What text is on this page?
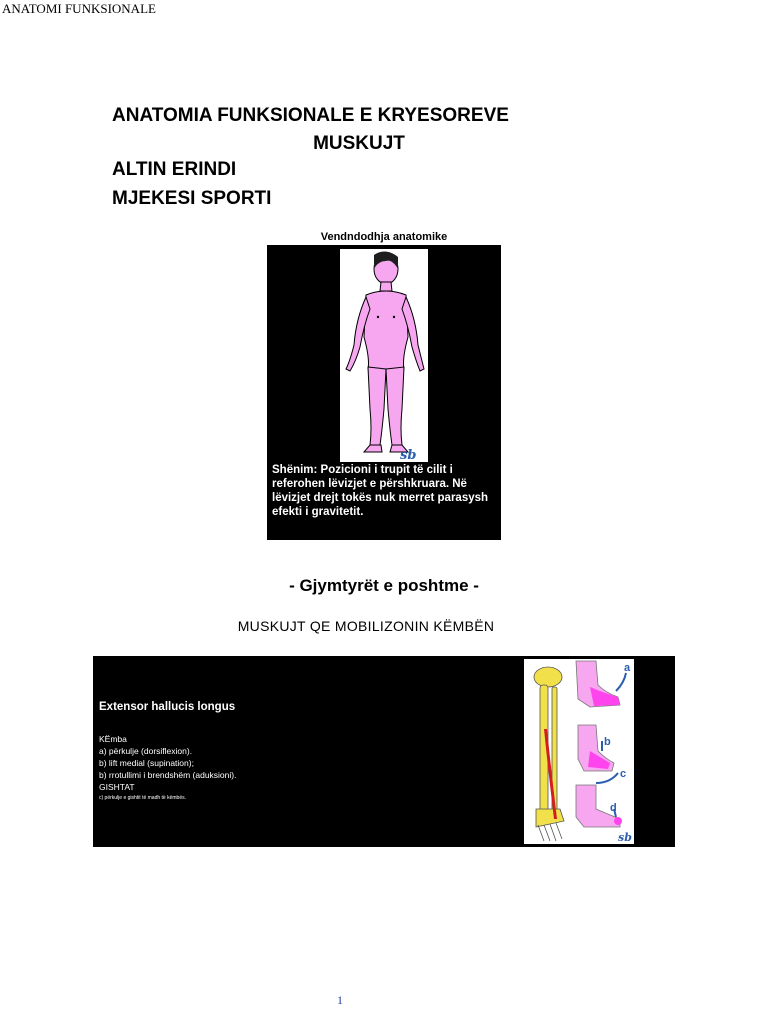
ANATOMI FUNKSIONALE

ANATOMIA FUNKSIONALE E KRYESOREVE

MUSKUJT

ALTIN ERINDI
MJEKESI SPORTI
Vendndodhja anatomike
sb
Shënim: Pozicioni i trupit të cilit i referohen lëvizjet e përshkruara. Në lëvizjet drejt tokës nuk merret parasysh efekti i gravitetit.
- Gjymtyrët e poshtme -
MUSKUJT QE MOBILIZONIN KËMBËN
Extensor hallucis longus
KËmba
a) përkulje (dorsiflexion).
b) lift medial (supination);
b) rrotullimi i brendshëm (aduksioni).
GISHTAT
c) përkulje e gishtit të madh të këmbës.
a
b
c
d
sb
1
